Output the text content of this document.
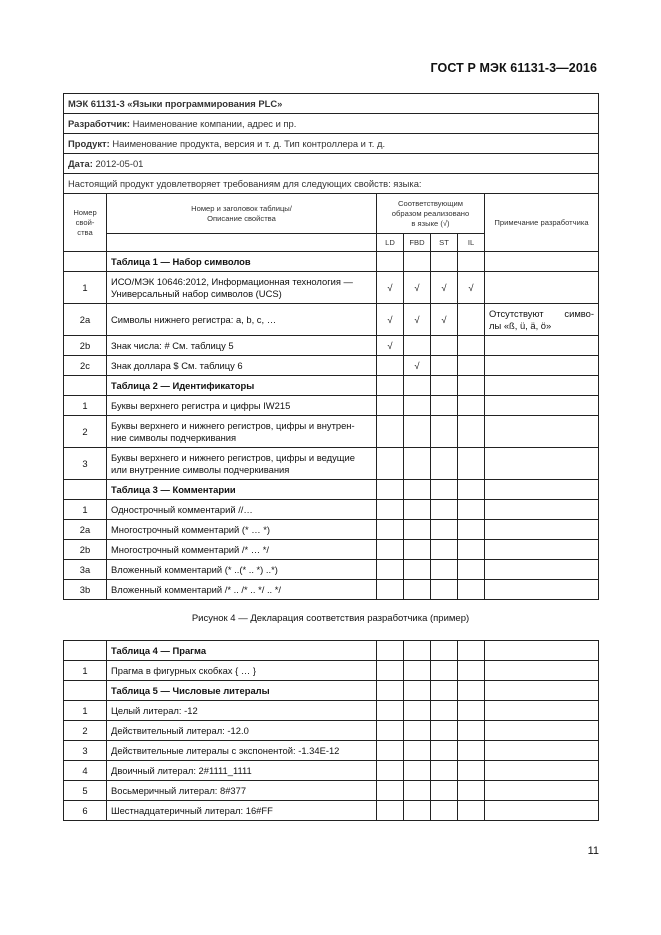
ГОСТ Р МЭК 61131-3—2016
МЭК 61131-3 «Языки программирования PLC»						
Разработчик: Наименование компании, адрес и пр.						
Продукт: Наименование продукта, версия и т. д. Тип контроллера и т. д.						
Дата: 2012-05-01						
Настоящий продукт удовлетворяет требованиям для следующих свойств: языка:						
Номер свой-ства	Номер и заголовок таблицы/
Описание свойства	Соответствующим
образом реализовано
в языке (√)				Примечание разработчика
		LD	FBD	ST	IL	
	Таблица 1 — Набор символов					
1	ИСО/МЭК 10646:2012, Информационная технология —
Универсальный набор символов (UCS)	√	√	√	√	
2a	Символы нижнего регистра: a, b, c, …	√	√	√		Отсутствуют симво-
лы «ß, ü, ä, ö»

2b	Знак числа: # См. таблицу 5	√				
2c	Знак доллара $ См. таблицу 6		√			
	Таблица 2 — Идентификаторы					
1	Буквы верхнего регистра и цифры IW215					
2	Буквы верхнего и нижнего регистров, цифры и внутрен-
ние символы подчеркивания					
3	Буквы верхнего и нижнего регистров, цифры и ведущие
или внутренние символы подчеркивания					
	Таблица 3 — Комментарии					
1	Однострочный комментарий //…					
2a	Многострочный комментарий (* … *)					
2b	Многострочный комментарий /* … */					
3a	Вложенный комментарий (* ..(* .. *) ..*)					
3b	Вложенный комментарий /* .. /* .. */ .. */					
Рисунок 4 — Декларация соответствия разработчика (пример)
	Таблица 4 — Прагма					
1	Прагма в фигурных скобках { … }					
	Таблица 5 — Числовые литералы					
1	Целый литерал: -12					
2	Действительный литерал: -12.0					
3	Действительные литералы с экспонентой: -1.34E-12					
4	Двоичный литерал: 2#1111_1111					
5	Восьмеричный литерал: 8#377					
6	Шестнадцатеричный литерал: 16#FF					
11
